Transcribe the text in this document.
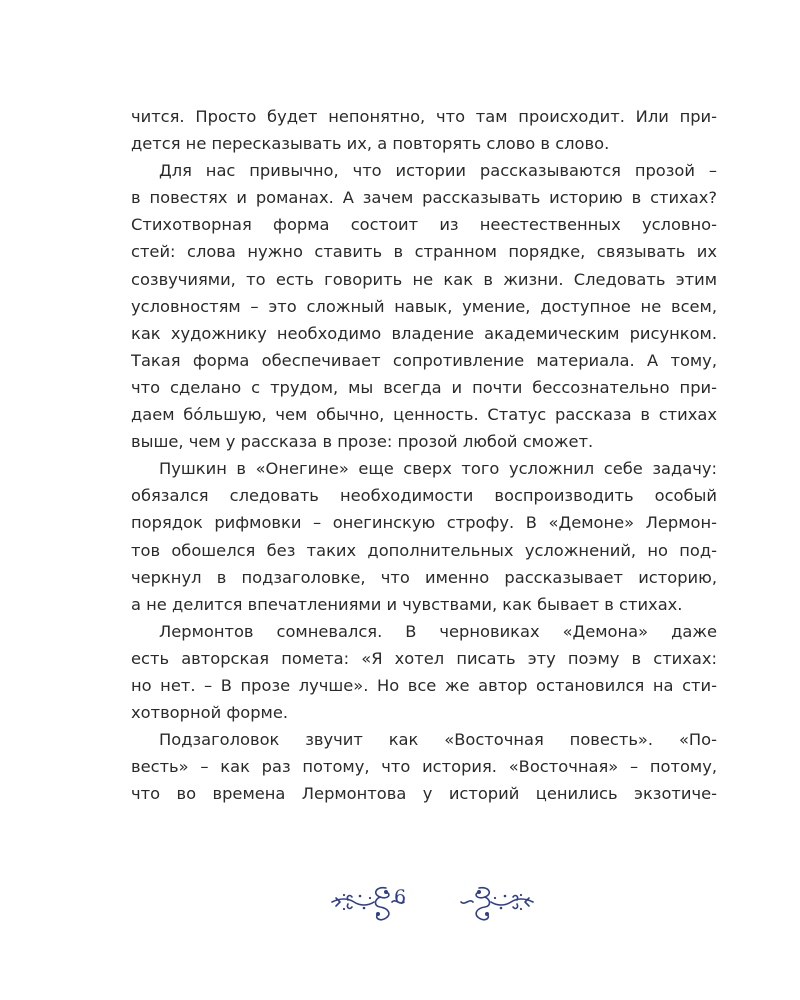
чится. Просто будет непонятно, что там происходит. Или при-
дется не пересказывать их, а повторять слово в слово.
Для нас привычно, что истории рассказываются прозой –
в повестях и романах. А зачем рассказывать историю в стихах?
Стихотворная форма состоит из неестественных условно-
стей: слова нужно ставить в странном порядке, связывать их
созвучиями, то есть говорить не как в жизни. Следовать этим
условностям – это сложный навык, умение, доступное не всем,
как художнику необходимо владение академическим рисунком.
Такая форма обеспечивает сопротивление материала. А тому,
что сделано с трудом, мы всегда и почти бессознательно при-
даем бóльшую, чем обычно, ценность. Статус рассказа в стихах
выше, чем у рассказа в прозе: прозой любой сможет.
Пушкин в «Онегине» еще сверх того усложнил себе задачу:
обязался следовать необходимости воспроизводить особый
порядок рифмовки – онегинскую строфу. В «Демоне» Лермон-
тов обошелся без таких дополнительных усложнений, но под-
черкнул в подзаголовке, что именно рассказывает историю,
а не делится впечатлениями и чувствами, как бывает в стихах.
Лермонтов сомневался. В черновиках «Демона» даже
есть авторская помета: «Я хотел писать эту поэму в стихах:
но нет. – В прозе лучше». Но все же автор остановился на сти-
хотворной форме.
Подзаголовок звучит как «Восточная повесть». «По-
весть» – как раз потому, что история. «Восточная» – потому,
что во времена Лермонтова у историй ценились экзотиче-
6
